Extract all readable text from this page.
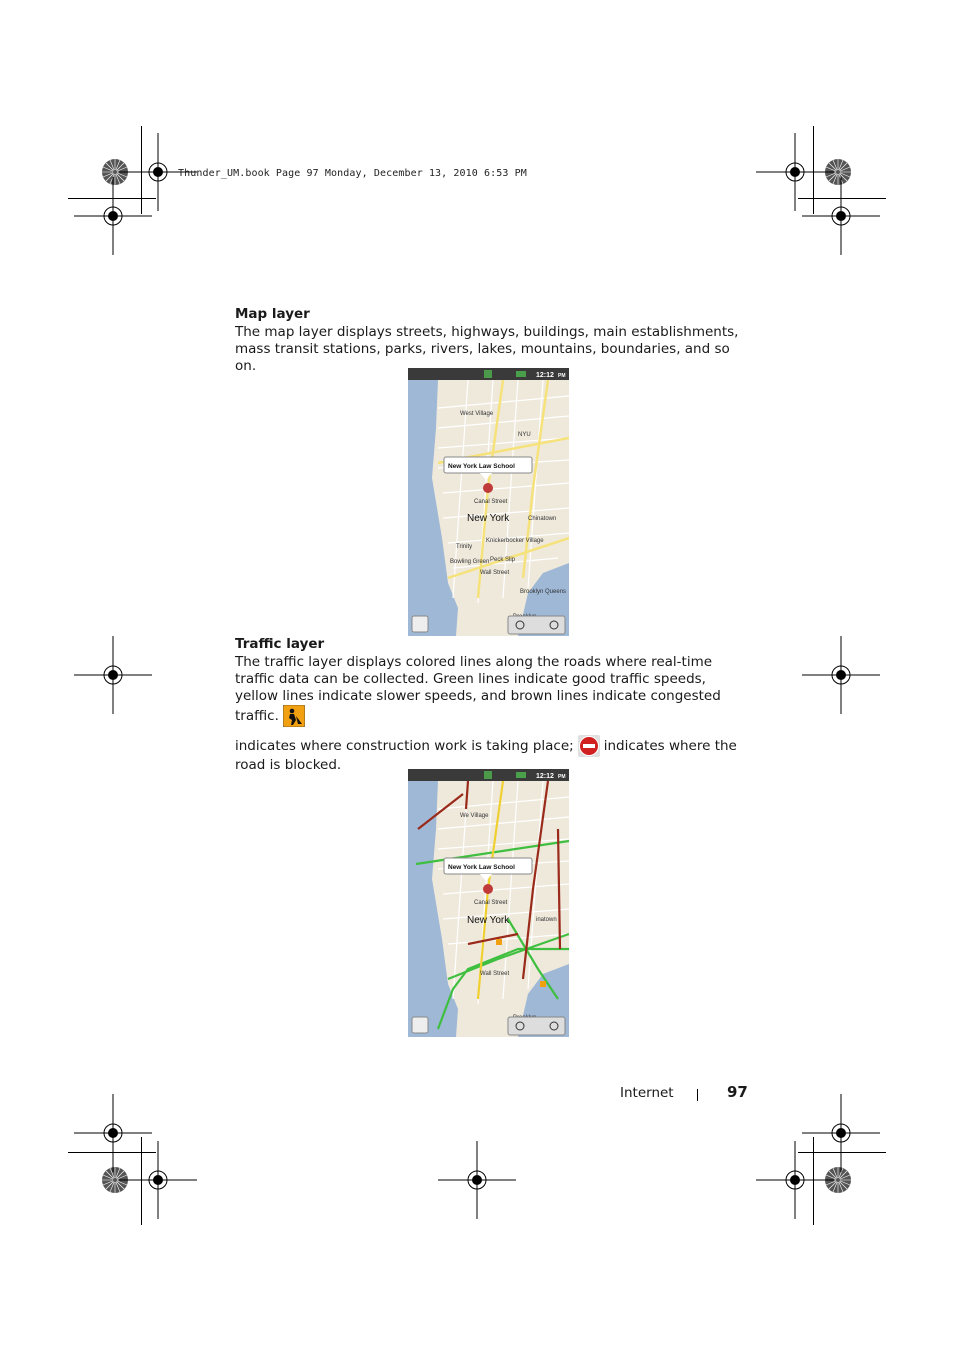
Thunder_UM.book Page 97 Monday, December 13, 2010 6:53 PM
Map layer
The map layer displays streets, highways, buildings, main establishments, mass transit stations, parks, rivers, lakes, mountains, boundaries, and so on.
12:12 PM
West Village
NYU
Canal Street
New York	Chinatown
Knickerbocker Village
Trinity
Peck Slip
Bowling Green
Wall Street
Brooklyn Queens
New York Law School
Traffic layer
The traffic layer displays colored lines along the roads where real-time traffic data can be collected. Green lines indicate good traffic speeds, yellow lines indicate slower speeds, and brown lines indicate congested traffic.
indicates where construction work is taking place; indicates where the road is blocked.
12:12 PM
We Village
Canal Street
New York	inatown
Wall Street
New York Law School
Internet	97
